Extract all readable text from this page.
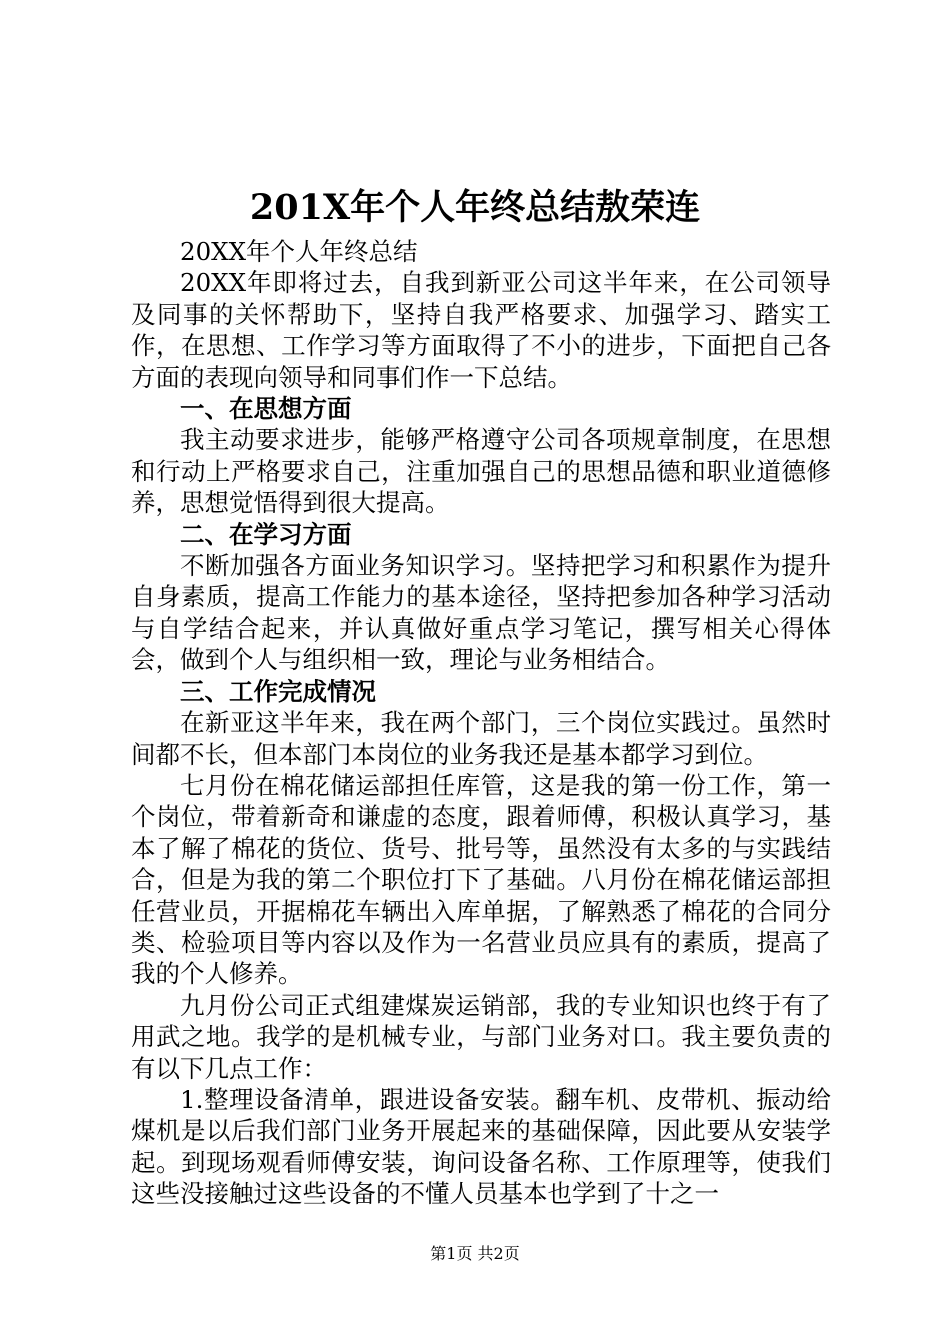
201X年个人年终总结敖荣连

20XX年个人年终总结

20XX年即将过去，自我到新亚公司这半年来，在公司领导及同事的关怀帮助下，坚持自我严格要求、加强学习、踏实工作，在思想、工作学习等方面取得了不小的进步，下面把自己各方面的表现向领导和同事们作一下总结。

一、在思想方面

我主动要求进步，能够严格遵守公司各项规章制度，在思想和行动上严格要求自己，注重加强自己的思想品德和职业道德修养，思想觉悟得到很大提高。

二、在学习方面

不断加强各方面业务知识学习。坚持把学习和积累作为提升自身素质，提高工作能力的基本途径，坚持把参加各种学习活动与自学结合起来，并认真做好重点学习笔记，撰写相关心得体会，做到个人与组织相一致，理论与业务相结合。

三、工作完成情况

在新亚这半年来，我在两个部门，三个岗位实践过。虽然时间都不长，但本部门本岗位的业务我还是基本都学习到位。

七月份在棉花储运部担任库管，这是我的第一份工作，第一个岗位，带着新奇和谦虚的态度，跟着师傅，积极认真学习，基本了解了棉花的货位、货号、批号等，虽然没有太多的与实践结合，但是为我的第二个职位打下了基础。八月份在棉花储运部担任营业员，开据棉花车辆出入库单据，了解熟悉了棉花的合同分类、检验项目等内容以及作为一名营业员应具有的素质，提高了我的个人修养。

九月份公司正式组建煤炭运销部，我的专业知识也终于有了用武之地。我学的是机械专业，与部门业务对口。我主要负责的有以下几点工作：

1.整理设备清单，跟进设备安装。翻车机、皮带机、振动给煤机是以后我们部门业务开展起来的基础保障，因此要从安装学起。到现场观看师傅安装，询问设备名称、工作原理等，使我们这些没接触过这些设备的不懂人员基本也学到了十之一

第1页 共2页
